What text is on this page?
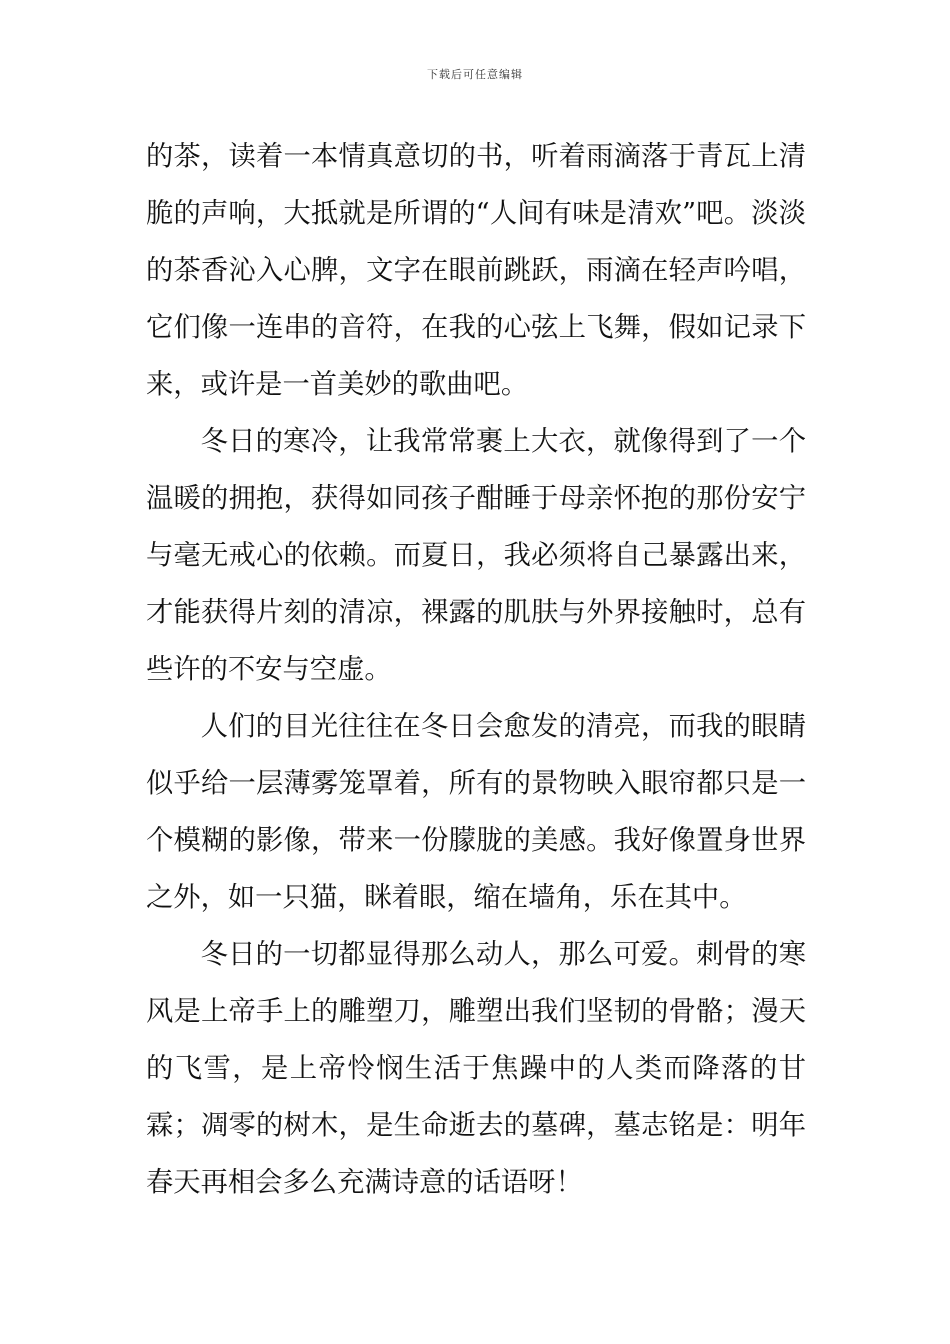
下载后可任意编辑

的茶，读着一本情真意切的书，听着雨滴落于青瓦上清脆的声响，大抵就是所谓的“人间有味是清欢”吧。淡淡的茶香沁入心脾，文字在眼前跳跃，雨滴在轻声吟唱，它们像一连串的音符，在我的心弦上飞舞，假如记录下来，或许是一首美妙的歌曲吧。

冬日的寒冷，让我常常裹上大衣，就像得到了一个温暖的拥抱，获得如同孩子酣睡于母亲怀抱的那份安宁与毫无戒心的依赖。而夏日，我必须将自己暴露出来，才能获得片刻的清凉，裸露的肌肤与外界接触时，总有些许的不安与空虚。

人们的目光往往在冬日会愈发的清亮，而我的眼睛似乎给一层薄雾笼罩着，所有的景物映入眼帘都只是一个模糊的影像，带来一份朦胧的美感。我好像置身世界之外，如一只猫，眯着眼，缩在墙角，乐在其中。

冬日的一切都显得那么动人，那么可爱。刺骨的寒风是上帝手上的雕塑刀，雕塑出我们坚韧的骨骼；漫天的飞雪，是上帝怜悯生活于焦躁中的人类而降落的甘霖；凋零的树木，是生命逝去的墓碑，墓志铭是：明年春天再相会多么充满诗意的话语呀！
